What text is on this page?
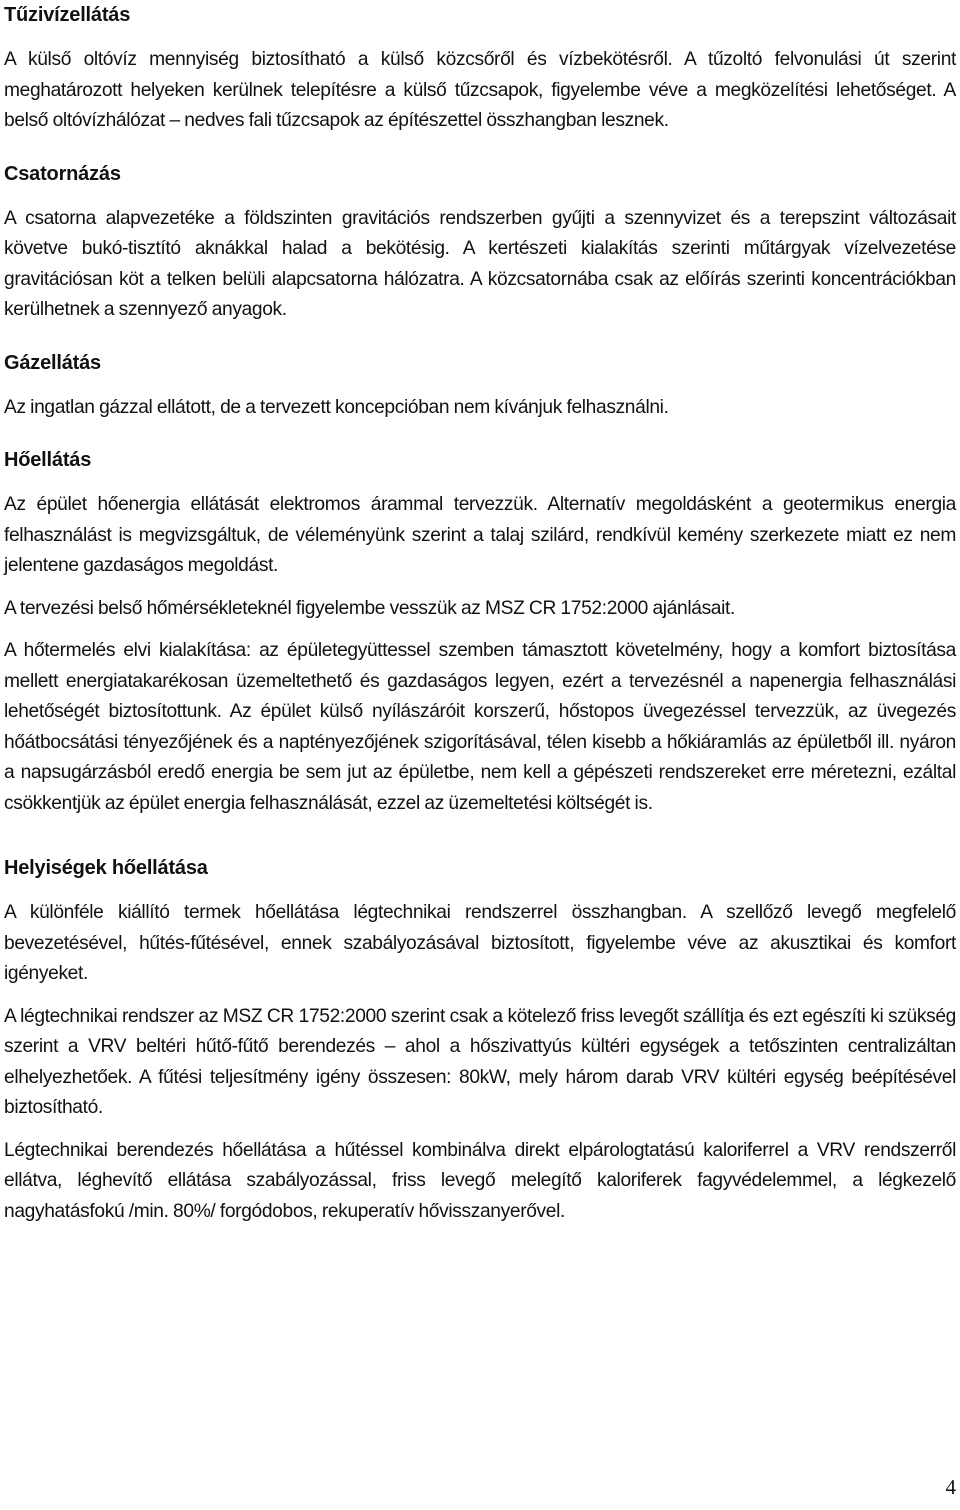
Tűzivízellátás

A külső oltóvíz mennyiség biztosítható a külső közcsőről és vízbekötésről. A tűzoltó felvonulási út szerint meghatározott helyeken kerülnek telepítésre a külső tűzcsapok, figyelembe véve a megközelítési lehetőséget. A belső oltóvízhálózat – nedves fali tűzcsapok az építészettel összhangban lesznek.

Csatornázás

A csatorna alapvezetéke a földszinten gravitációs rendszerben gyűjti a szennyvizet és a terepszint változásait követve bukó-tisztító aknákkal halad a bekötésig. A kertészeti kialakítás szerinti műtárgyak vízelvezetése gravitációsan köt a telken belüli alapcsatorna hálózatra. A közcsatornába csak az előírás szerinti koncentrációkban kerülhetnek a szennyező anyagok.

Gázellátás

Az ingatlan gázzal ellátott, de a tervezett koncepcióban nem kívánjuk felhasználni.

Hőellátás

Az épület hőenergia ellátását elektromos árammal tervezzük. Alternatív megoldásként a geotermikus energia felhasználást is megvizsgáltuk, de véleményünk szerint a talaj szilárd, rendkívül kemény szerkezete miatt ez nem jelentene gazdaságos megoldást.

A tervezési belső hőmérsékleteknél figyelembe vesszük az MSZ CR 1752:2000 ajánlásait.

A hőtermelés elvi kialakítása: az épületegyüttessel szemben támasztott követelmény, hogy a komfort biztosítása mellett energiatakarékosan üzemeltethető és gazdaságos legyen, ezért a tervezésnél a napenergia felhasználási lehetőségét biztosítottunk. Az épület külső nyílászáróit korszerű, hőstopos üvegezéssel tervezzük, az üvegezés hőátbocsátási tényezőjének és a naptényezőjének szigorításával, télen kisebb a hőkiáramlás az épületből ill. nyáron a napsugárzásból eredő energia be sem jut az épületbe, nem kell a gépészeti rendszereket erre méretezni, ezáltal csökkentjük az épület energia felhasználását, ezzel az üzemeltetési költségét is.

Helyiségek hőellátása

A különféle kiállító termek hőellátása légtechnikai rendszerrel összhangban. A szellőző levegő megfelelő bevezetésével, hűtés-fűtésével, ennek szabályozásával biztosított, figyelembe véve az akusztikai és komfort igényeket.

A légtechnikai rendszer az MSZ CR 1752:2000 szerint csak a kötelező friss levegőt szállítja és ezt egészíti ki szükség szerint a VRV beltéri hűtő-fűtő berendezés – ahol a hőszivattyús kültéri egységek a tetőszinten centralizáltan elhelyezhetőek. A fűtési teljesítmény igény összesen: 80kW, mely három darab VRV kültéri egység beépítésével biztosítható.

Légtechnikai berendezés hőellátása a hűtéssel kombinálva direkt elpárologtatású kaloriferrel a VRV rendszerről ellátva, léghevítő ellátása szabályozással, friss levegő melegítő kaloriferek fagyvédelemmel, a légkezelő nagyhatásfokú /min. 80%/ forgódobos, rekuperatív hővisszanyerővel.

4
